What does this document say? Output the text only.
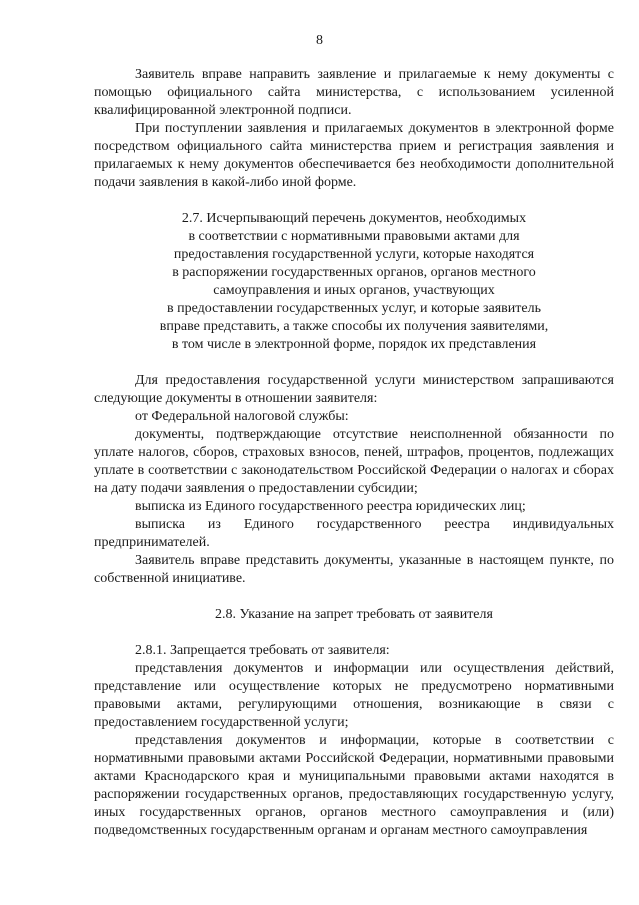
8

Заявитель вправе направить заявление и прилагаемые к нему документы с помощью официального сайта министерства, с использованием усиленной квалифицированной электронной подписи.

При поступлении заявления и прилагаемых документов в электронной форме посредством официального сайта министерства прием и регистрация заявления и прилагаемых к нему документов обеспечивается без необходимости дополнительной подачи заявления в какой-либо иной форме.

2.7. Исчерпывающий перечень документов, необходимых
в соответствии с нормативными правовыми актами для
предоставления государственной услуги, которые находятся
в распоряжении государственных органов, органов местного
самоуправления и иных органов, участвующих
в предоставлении государственных услуг, и которые заявитель
вправе представить, а также способы их получения заявителями,
в том числе в электронной форме, порядок их представления

Для предоставления государственной услуги министерством запрашиваются следующие документы в отношении заявителя:

от Федеральной налоговой службы:

документы, подтверждающие отсутствие неисполненной обязанности по уплате налогов, сборов, страховых взносов, пеней, штрафов, процентов, подлежащих уплате в соответствии с законодательством Российской Федерации о налогах и сборах на дату подачи заявления о предоставлении субсидии;

выписка из Единого государственного реестра юридических лиц;

выписка из Единого государственного реестра индивидуальных предпринимателей.

Заявитель вправе представить документы, указанные в настоящем пункте, по собственной инициативе.

2.8. Указание на запрет требовать от заявителя

2.8.1. Запрещается требовать от заявителя:

представления документов и информации или осуществления действий, представление или осуществление которых не предусмотрено нормативными правовыми актами, регулирующими отношения, возникающие в связи с предоставлением государственной услуги;

представления документов и информации, которые в соответствии с нормативными правовыми актами Российской Федерации, нормативными правовыми актами Краснодарского края и муниципальными правовыми актами находятся в распоряжении государственных органов, предоставляющих государственную услугу, иных государственных органов, органов местного самоуправления и (или) подведомственных государственным органам и органам местного самоуправления
